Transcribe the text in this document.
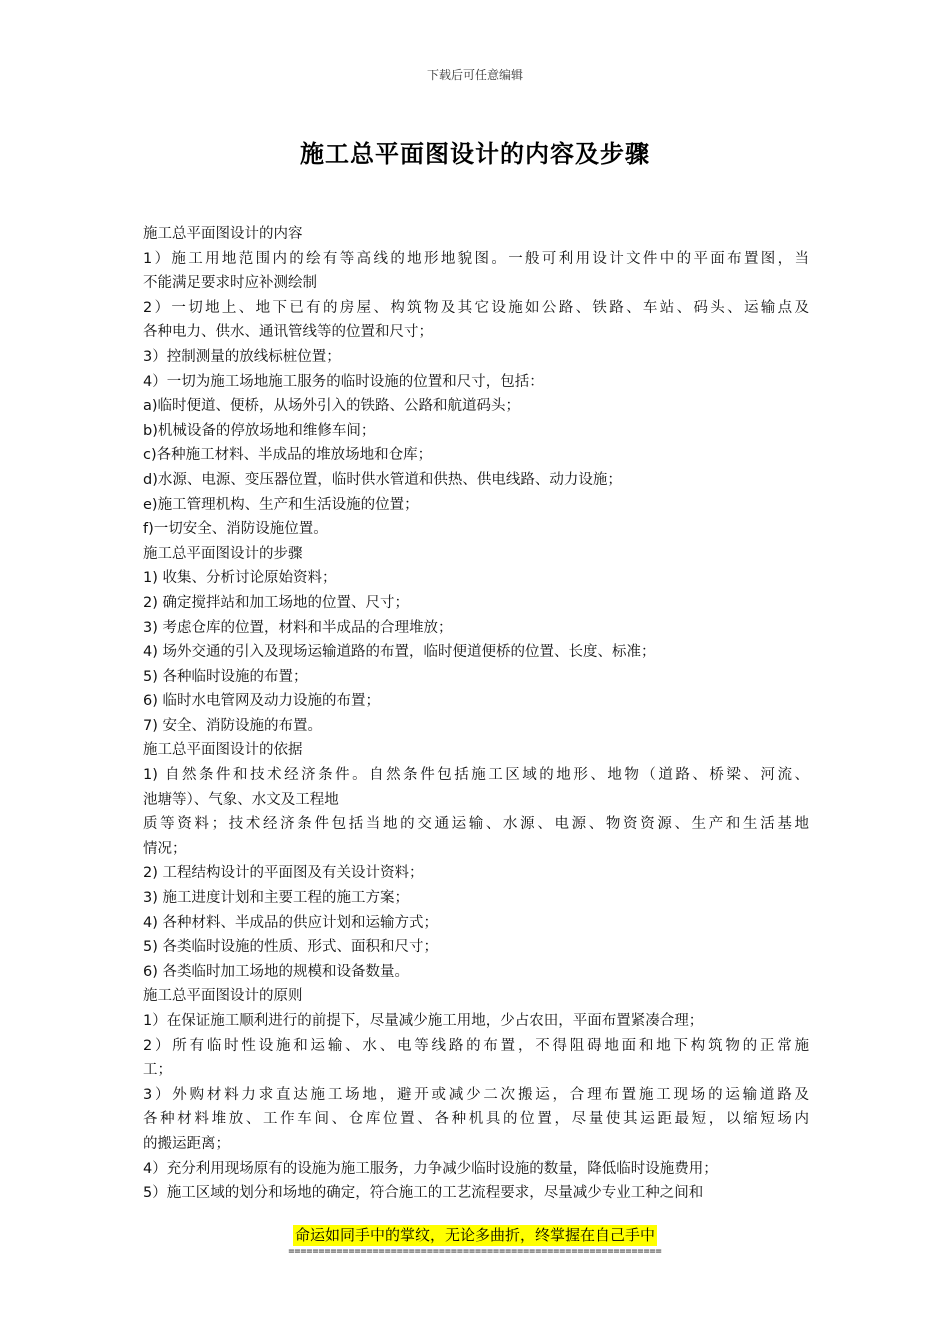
下载后可任意编辑
施工总平面图设计的内容及步骤
施工总平面图设计的内容
1）施工用地范围内的绘有等高线的地形地貌图。一般可利用设计文件中的平面布置图，当
不能满足要求时应补测绘制
2）一切地上、地下已有的房屋、构筑物及其它设施如公路、铁路、车站、码头、运输点及
各种电力、供水、通讯管线等的位置和尺寸；
3）控制测量的放线标桩位置；
4）一切为施工场地施工服务的临时设施的位置和尺寸，包括：
a)临时便道、便桥，从场外引入的铁路、公路和航道码头；
b)机械设备的停放场地和维修车间；
c)各种施工材料、半成品的堆放场地和仓库；
d)水源、电源、变压器位置，临时供水管道和供热、供电线路、动力设施；
e)施工管理机构、生产和生活设施的位置；
f)一切安全、消防设施位置。
施工总平面图设计的步骤
1) 收集、分析讨论原始资料；
2) 确定搅拌站和加工场地的位置、尺寸；
3) 考虑仓库的位置，材料和半成品的合理堆放；
4) 场外交通的引入及现场运输道路的布置，临时便道便桥的位置、长度、标准；
5) 各种临时设施的布置；
6) 临时水电管网及动力设施的布置；
7) 安全、消防设施的布置。
施工总平面图设计的依据
1) 自然条件和技术经济条件。自然条件包括施工区域的地形、地物（道路、桥梁、河流、
池塘等）、气象、水文及工程地
质等资料；技术经济条件包括当地的交通运输、水源、电源、物资资源、生产和生活基地
情况；
2) 工程结构设计的平面图及有关设计资料；
3) 施工进度计划和主要工程的施工方案；
4) 各种材料、半成品的供应计划和运输方式；
5) 各类临时设施的性质、形式、面积和尺寸；
6) 各类临时加工场地的规模和设备数量。
施工总平面图设计的原则
1）在保证施工顺利进行的前提下，尽量减少施工用地，少占农田，平面布置紧凑合理；
2）所有临时性设施和运输、水、电等线路的布置，不得阻碍地面和地下构筑物的正常施
工；
3）外购材料力求直达施工场地，避开或减少二次搬运，合理布置施工现场的运输道路及
各种材料堆放、工作车间、仓库位置、各种机具的位置，尽量使其运距最短，以缩短场内
的搬运距离；
4）充分利用现场原有的设施为施工服务，力争减少临时设施的数量，降低临时设施费用；
5）施工区域的划分和场地的确定，符合施工的工艺流程要求，尽量减少专业工种之间和
命运如同手中的掌纹，无论多曲折，终掌握在自己手中
==============================================================
